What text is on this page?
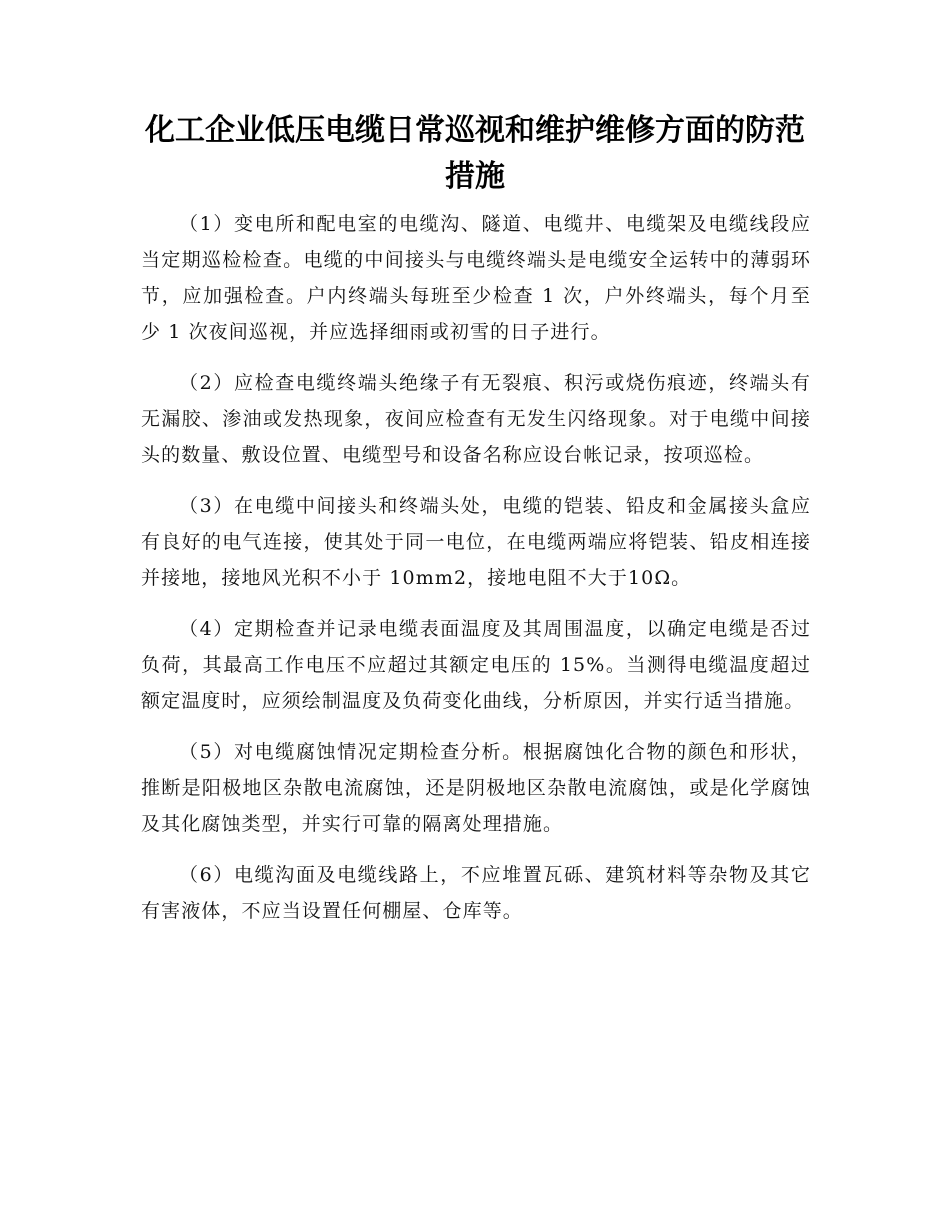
化工企业低压电缆日常巡视和维护维修方面的防范措施

（1）变电所和配电室的电缆沟、隧道、电缆井、电缆架及电缆线段应当定期巡检检查。电缆的中间接头与电缆终端头是电缆安全运转中的薄弱环节，应加强检查。户内终端头每班至少检查 1 次，户外终端头，每个月至少 1 次夜间巡视，并应选择细雨或初雪的日子进行。

（2）应检查电缆终端头绝缘子有无裂痕、积污或烧伤痕迹，终端头有无漏胶、渗油或发热现象，夜间应检查有无发生闪络现象。对于电缆中间接头的数量、敷设位置、电缆型号和设备名称应设台帐记录，按项巡检。

（3）在电缆中间接头和终端头处，电缆的铠装、铅皮和金属接头盒应有良好的电气连接，使其处于同一电位，在电缆两端应将铠装、铅皮相连接并接地，接地风光积不小于 10mm2，接地电阻不大于10Ω。

（4）定期检查并记录电缆表面温度及其周围温度，以确定电缆是否过负荷，其最高工作电压不应超过其额定电压的 15%。当测得电缆温度超过额定温度时，应须绘制温度及负荷变化曲线，分析原因，并实行适当措施。

（5）对电缆腐蚀情况定期检查分析。根据腐蚀化合物的颜色和形状，推断是阳极地区杂散电流腐蚀，还是阴极地区杂散电流腐蚀，或是化学腐蚀及其化腐蚀类型，并实行可靠的隔离处理措施。

（6）电缆沟面及电缆线路上，不应堆置瓦砾、建筑材料等杂物及其它有害液体，不应当设置任何棚屋、仓库等。
